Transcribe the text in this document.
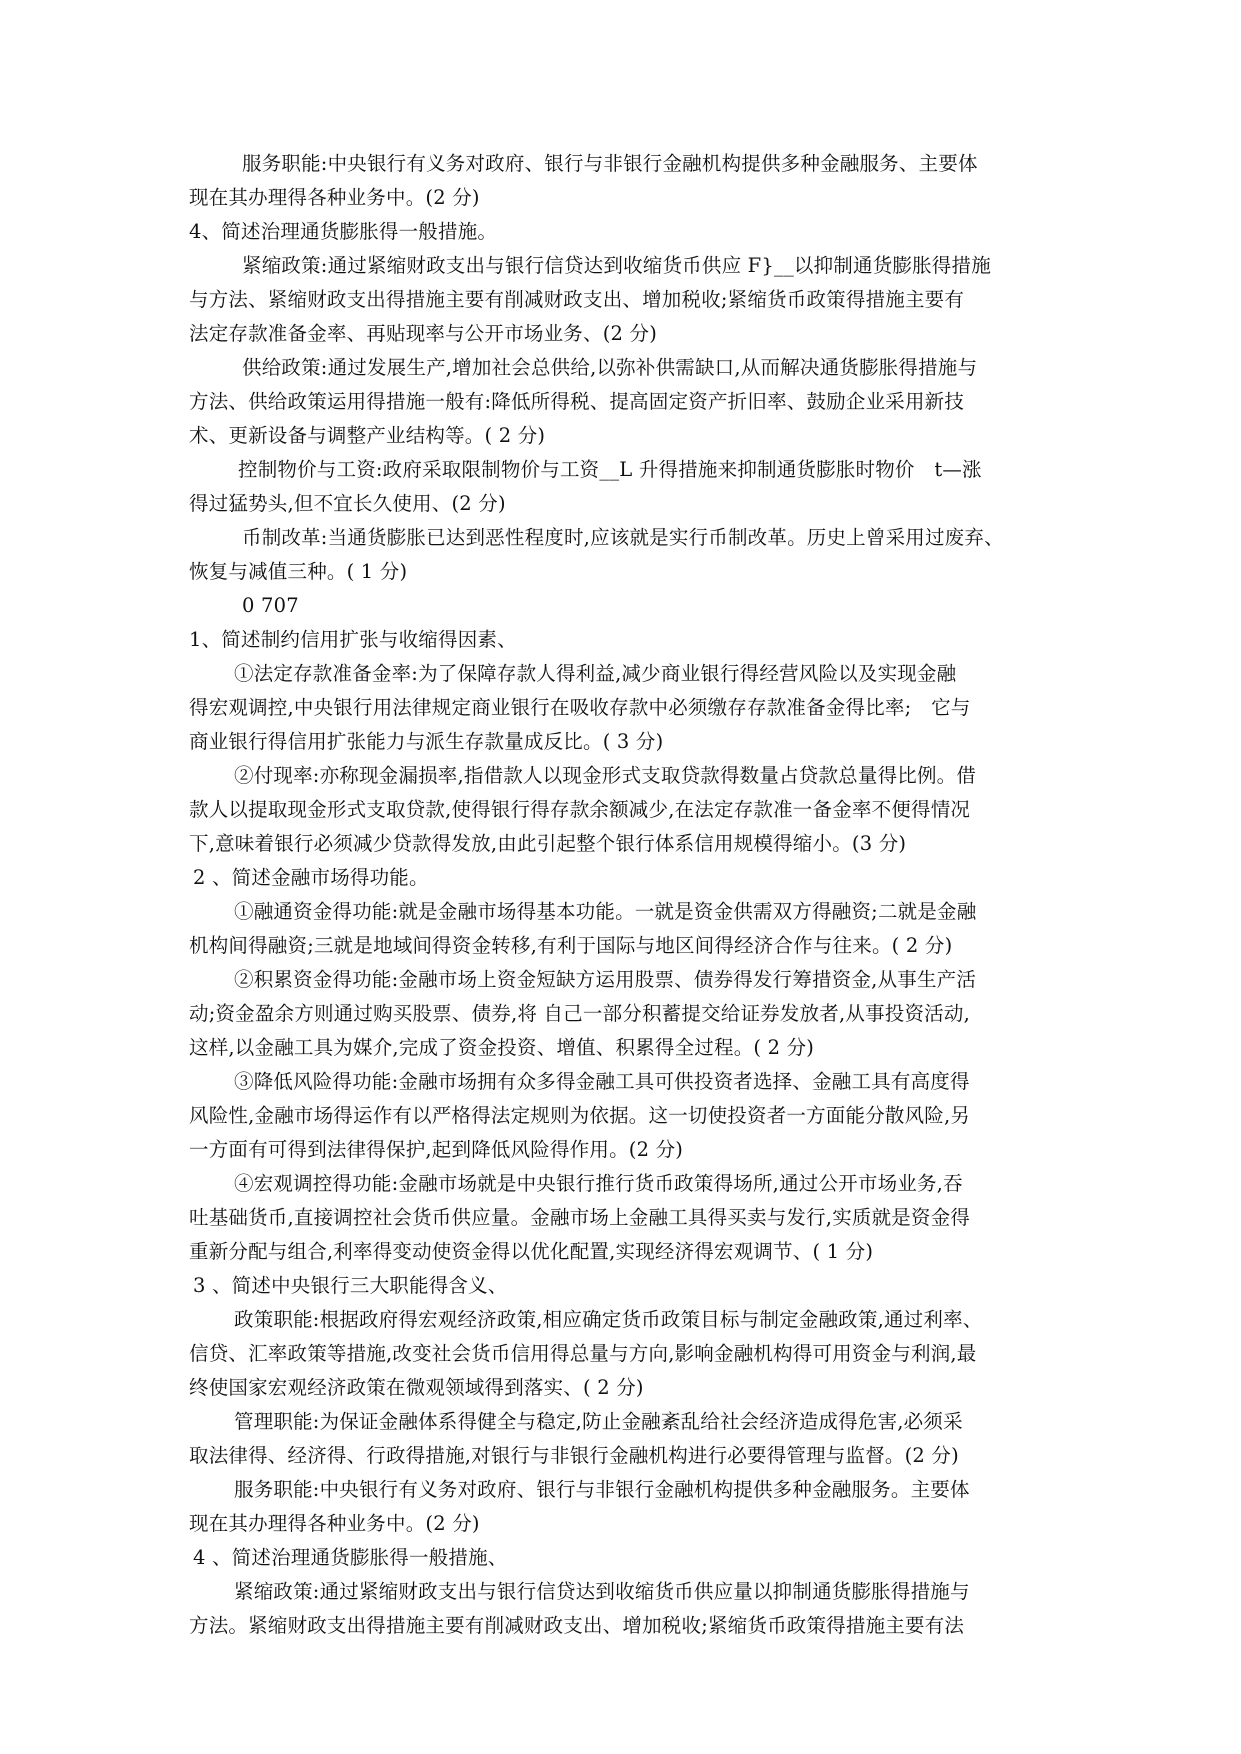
服务职能:中央银行有义务对政府、银行与非银行金融机构提供多种金融服务、主要体
现在其办理得各种业务中。(2 分)
4、简述治理通货膨胀得一般措施。
紧缩政策:通过紧缩财政支出与银行信贷达到收缩货币供应 F}__以抑制通货膨胀得措施
与方法、紧缩财政支出得措施主要有削减财政支出、增加税收;紧缩货币政策得措施主要有
法定存款准备金率、再贴现率与公开市场业务、(2 分)
供给政策:通过发展生产,增加社会总供给,以弥补供需缺口,从而解决通货膨胀得措施与
方法、供给政策运用得措施一般有:降低所得税、提高固定资产折旧率、鼓励企业采用新技
术、更新设备与调整产业结构等。( 2 分)
控制物价与工资:政府采取限制物价与工资__L 升得措施来抑制通货膨胀时物价　t—涨
得过猛势头,但不宜长久使用、(2 分)
币制改革:当通货膨胀已达到恶性程度时,应该就是实行币制改革。历史上曾采用过废弃、
恢复与减值三种。( 1 分)
0 707
1、简述制约信用扩张与收缩得因素、
①法定存款准备金率:为了保障存款人得利益,减少商业银行得经营风险以及实现金融
得宏观调控,中央银行用法律规定商业银行在吸收存款中必须缴存存款准备金得比率;　它与
商业银行得信用扩张能力与派生存款量成反比。( 3 分)
②付现率:亦称现金漏损率,指借款人以现金形式支取贷款得数量占贷款总量得比例。借
款人以提取现金形式支取贷款,使得银行得存款余额减少,在法定存款准一备金率不便得情况
下,意味着银行必须减少贷款得发放,由此引起整个银行体系信用规模得缩小。(3 分)
2 、简述金融市场得功能。
①融通资金得功能:就是金融市场得基本功能。一就是资金供需双方得融资;二就是金融
机构间得融资;三就是地域间得资金转移,有利于国际与地区间得经济合作与往来。( 2 分)
②积累资金得功能:金融市场上资金短缺方运用股票、债券得发行筹措资金,从事生产活
动;资金盈余方则通过购买股票、债券,将 自己一部分积蓄提交给证券发放者,从事投资活动,
这样,以金融工具为媒介,完成了资金投资、增值、积累得全过程。( 2 分)
③降低风险得功能:金融市场拥有众多得金融工具可供投资者选择、金融工具有高度得
风险性,金融市场得运作有以严格得法定规则为依据。这一切使投资者一方面能分散风险,另
一方面有可得到法律得保护,起到降低风险得作用。(2 分)
④宏观调控得功能:金融市场就是中央银行推行货币政策得场所,通过公开市场业务,吞
吐基础货币,直接调控社会货币供应量。金融市场上金融工具得买卖与发行,实质就是资金得
重新分配与组合,利率得变动使资金得以优化配置,实现经济得宏观调节、( 1 分)
3 、简述中央银行三大职能得含义、
政策职能:根据政府得宏观经济政策,相应确定货币政策目标与制定金融政策,通过利率、
信贷、汇率政策等措施,改变社会货币信用得总量与方向,影响金融机构得可用资金与利润,最
终使国家宏观经济政策在微观领域得到落实、( 2 分)
管理职能:为保证金融体系得健全与稳定,防止金融紊乱给社会经济造成得危害,必须采
取法律得、经济得、行政得措施,对银行与非银行金融机构进行必要得管理与监督。(2 分)
服务职能:中央银行有义务对政府、银行与非银行金融机构提供多种金融服务。主要体
现在其办理得各种业务中。(2 分)
4 、简述治理通货膨胀得一般措施、
紧缩政策:通过紧缩财政支出与银行信贷达到收缩货币供应量以抑制通货膨胀得措施与
方法。紧缩财政支出得措施主要有削减财政支出、增加税收;紧缩货币政策得措施主要有法
